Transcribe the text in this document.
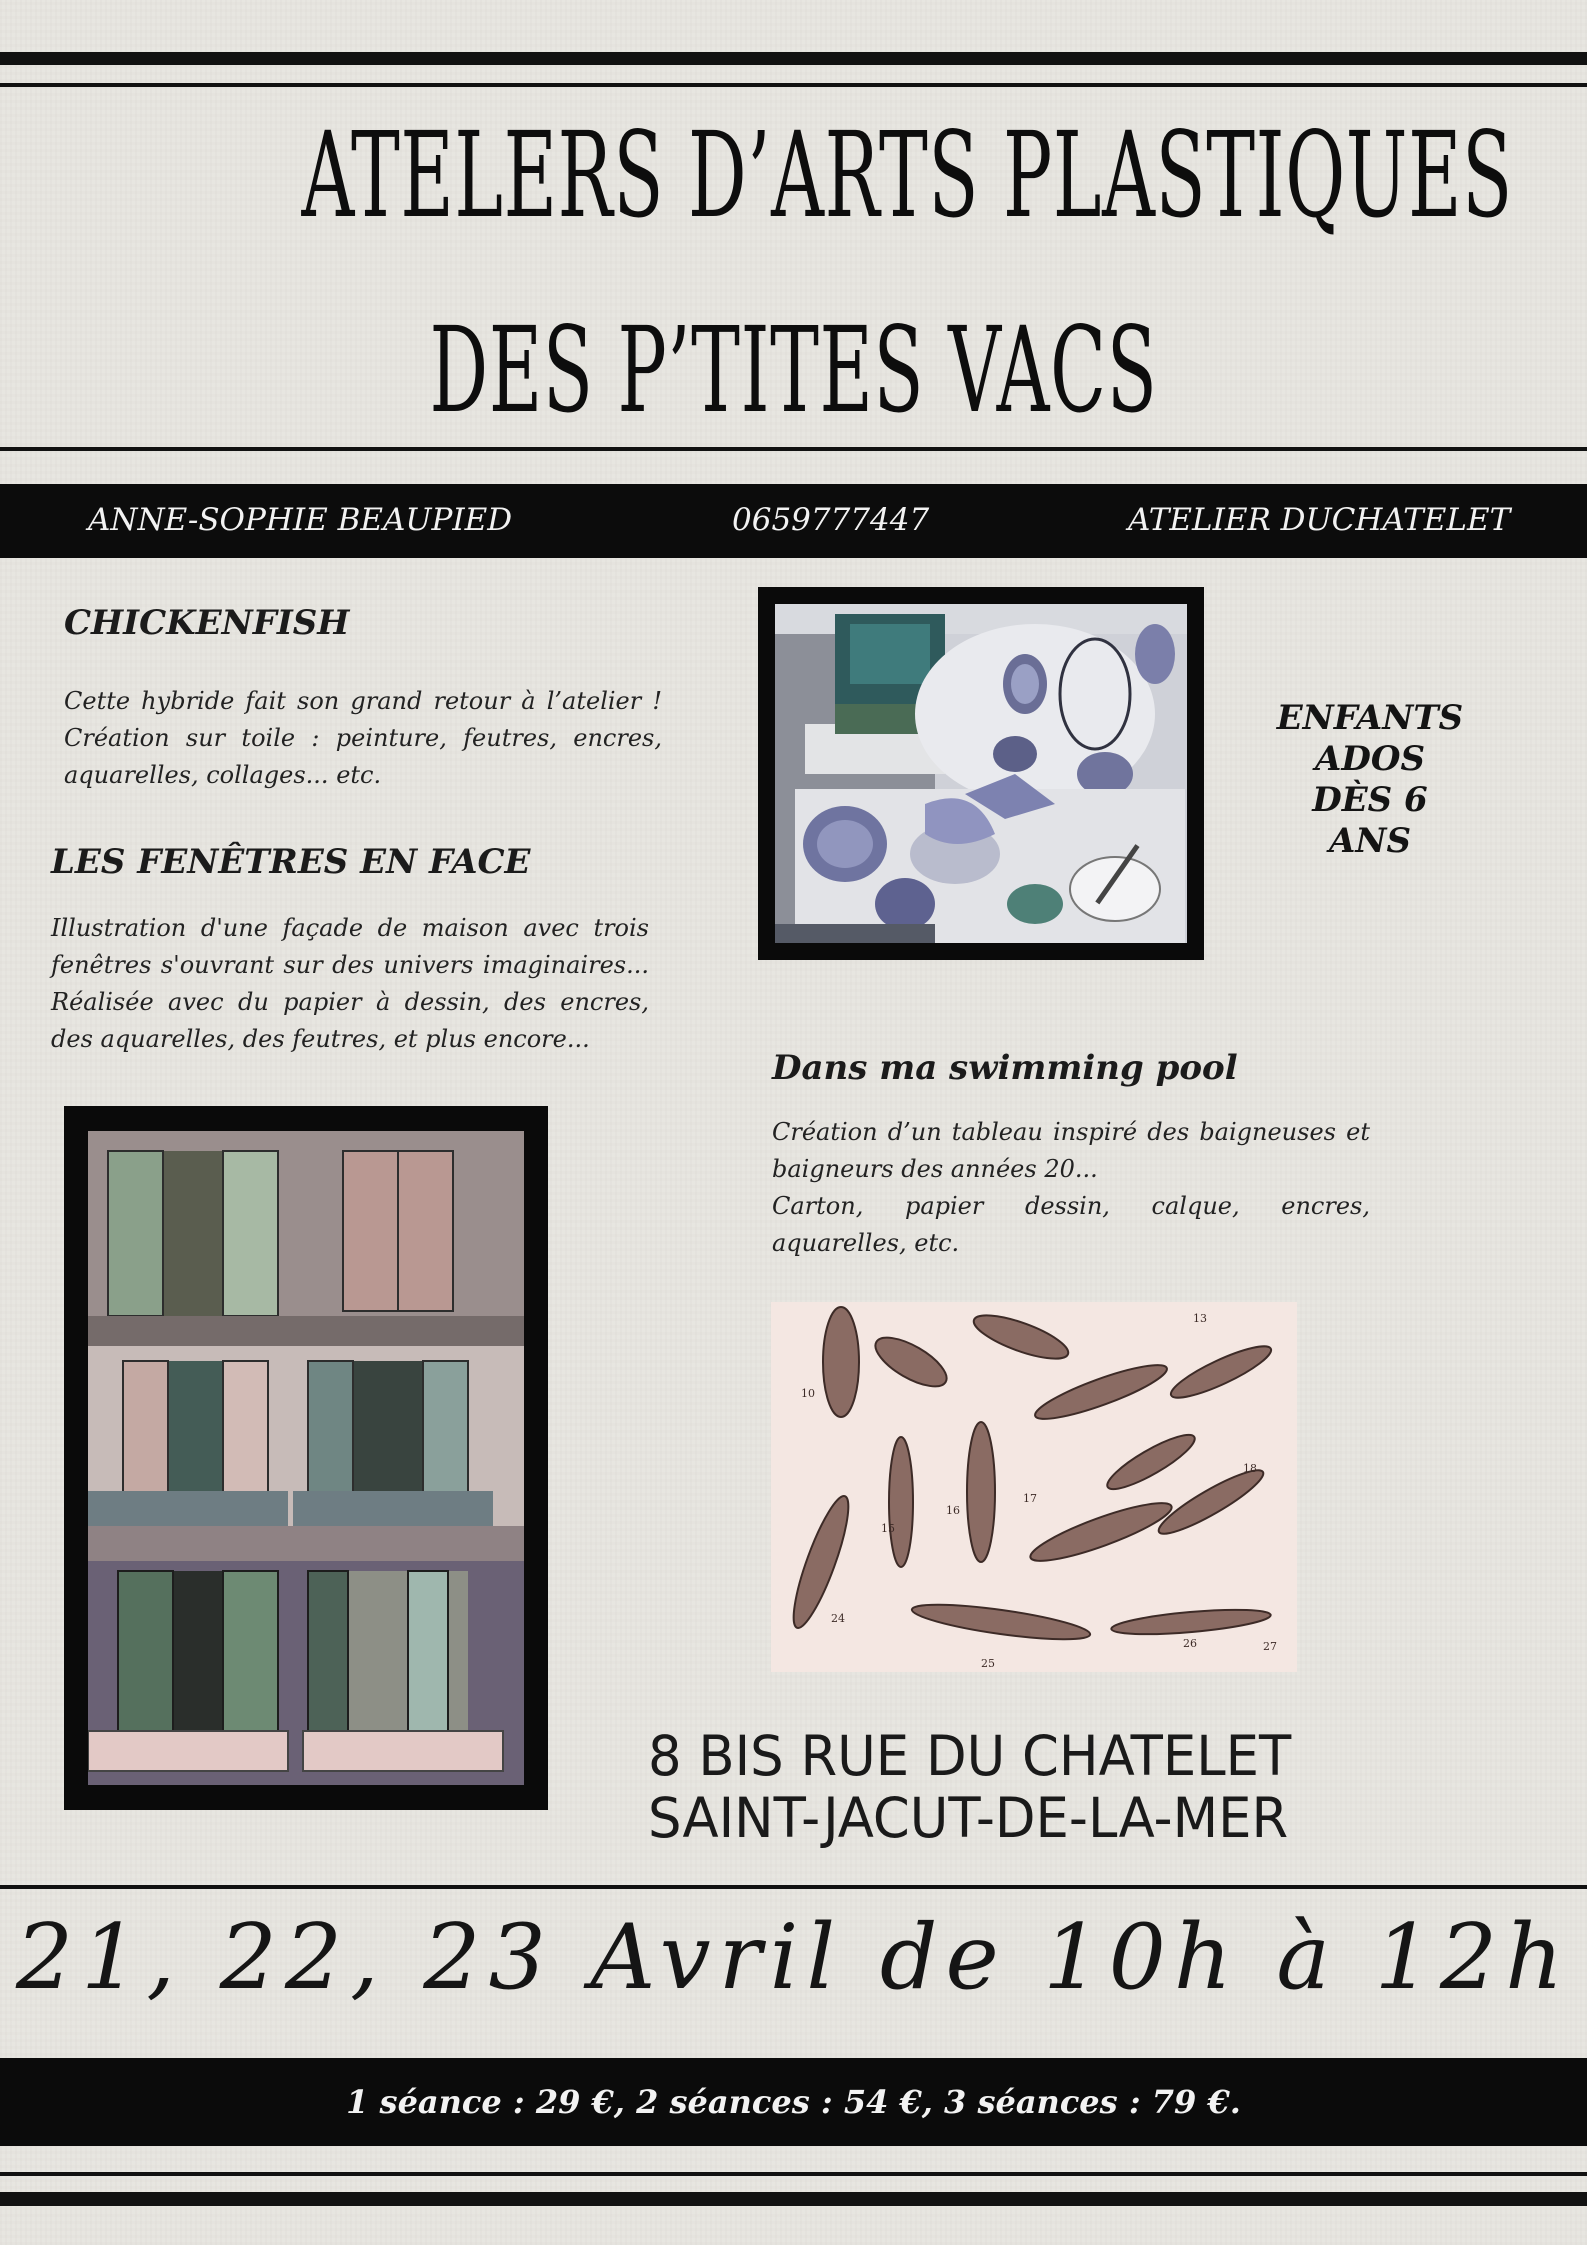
ATELERS D’ARTS PLASTIQUES
DES P’TITES VACS
ANNE-SOPHIE BEAUPIED	0659777447	ATELIER DUCHATELET
CHICKENFISH
Cette hybride fait son grand retour à l’atelier ! Création sur toile : peinture, feutres, encres, aquarelles, collages... etc.
LES FENÊTRES EN FACE
Illustration d'une façade de maison avec trois fenêtres s'ouvrant sur des univers imaginaires... Réalisée avec du papier à dessin, des encres, des aquarelles, des feutres, et plus encore...
ENFANTS
ADOS
DÈS 6
ANS
Dans ma swimming pool
Création d’un tableau inspiré des baigneuses et baigneurs des années 20...
Carton, papier dessin, calque, encres, aquarelles, etc.
13
10
18
16
17
15
24
25
26	27
8 BIS RUE DU CHATELET
SAINT-JACUT-DE-LA-MER
21, 22, 23 Avril de 10h à 12h
1 séance : 29 €, 2 séances : 54 €, 3 séances : 79 €.
